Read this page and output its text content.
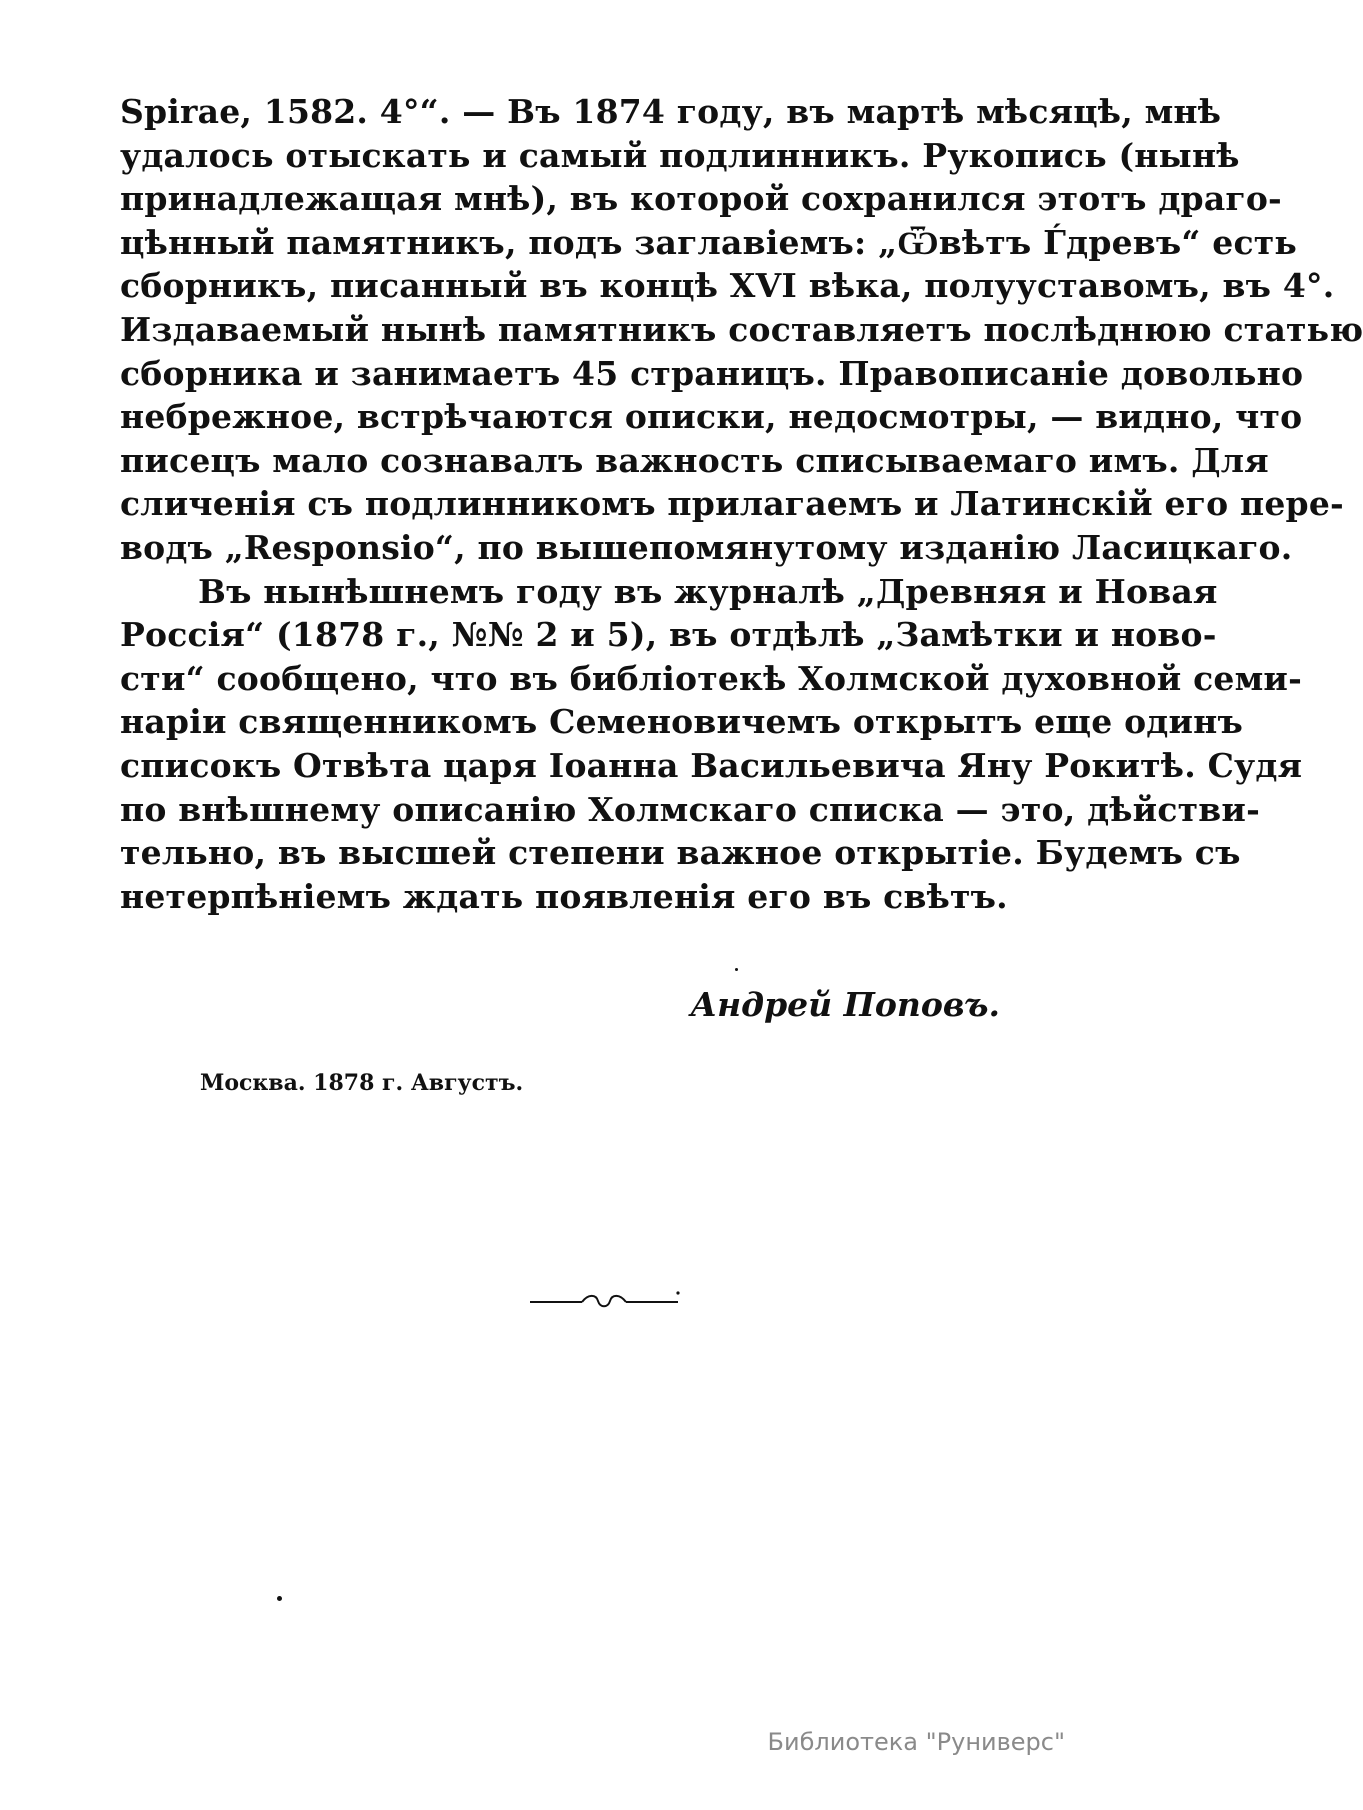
Spirae, 1582. 4°“. — Въ 1874 году, въ мартѣ мѣсяцѣ, мнѣ
удалось отыскать и самый подлинникъ. Рукопись (нынѣ
принадлежащая мнѣ), въ которой сохранился этотъ драго-
цѣнный памятникъ, подъ заглавіемъ: „Ѿвѣтъ Ѓдревъ“ есть
сборникъ, писанный въ концѣ XVI вѣка, полууставомъ, въ 4°.
Издаваемый нынѣ памятникъ составляетъ послѣднюю статью
сборника и занимаетъ 45 страницъ. Правописаніе довольно
небрежное, встрѣчаются описки, недосмотры, — видно, что
писецъ мало сознавалъ важность списываемаго имъ. Для
сличенія съ подлинникомъ прилагаемъ и Латинскій его пере-
водъ „Responsio“, по вышепомянутому изданію Ласицкаго.
Въ нынѣшнемъ году въ журналѣ „Древняя и Новая
Россія“ (1878 г., №№ 2 и 5), въ отдѣлѣ „Замѣтки и ново-
сти“ сообщено, что въ библіотекѣ Холмской духовной семи-
наріи священникомъ Семеновичемъ открытъ еще одинъ
списокъ Отвѣта царя Іоанна Васильевича Яну Рокитѣ. Судя
по внѣшнему описанію Холмскаго списка — это, дѣйстви-
тельно, въ высшей степени важное открытіе. Будемъ съ
нетерпѣніемъ ждать появленія его въ свѣтъ.
Андрей Поповъ.
Москва. 1878 г. Августъ.
Библиотека "Руниверс"
